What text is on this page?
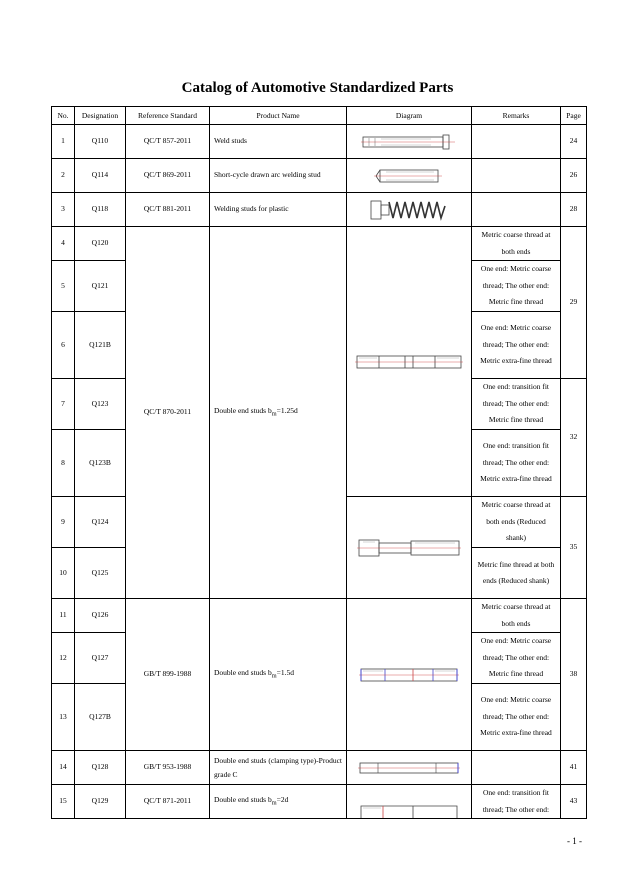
Catalog of Automotive Standardized Parts
No.	Designation	Reference Standard	Product Name	Diagram	Remarks	Page
1	Q110	QC/T 857-2011	Weld studs			24
2	Q114	QC/T 869-2011	Short-cycle drawn arc welding stud			26
3	Q118	QC/T 881-2011	Welding studs for plastic			28
4	Q120	QC/T 870-2011	Double end studs $b_m=1.25d$		Metric coarse thread at both ends	29
5	Q121				One end: Metric coarse thread; The other end: Metric fine thread	
6	Q121B				One end: Metric coarse thread; The other end: Metric extra-fine thread	
7	Q123				One end: transition fit thread; The other end: Metric fine thread	32
8	Q123B				One end: transition fit thread; The other end: Metric extra-fine thread	
9	Q124				Metric coarse thread at both ends (Reduced shank)	35
10	Q125				Metric fine thread at both ends (Reduced shank)	
11	Q126	GB/T 899-1988	Double end studs $b_m=1.5d$		Metric coarse thread at both ends	38
12	Q127				One end: Metric coarse thread; The other end: Metric fine thread	
13	Q127B				One end: Metric coarse thread; The other end: Metric extra-fine thread	
14	Q128	GB/T 953-1988	Double end studs (clamping type)-Product grade C			41
15	Q129	QC/T 871-2011	Double end studs $b_m=2d$		One end: transition fit thread; The other end:	43
- 1 -
